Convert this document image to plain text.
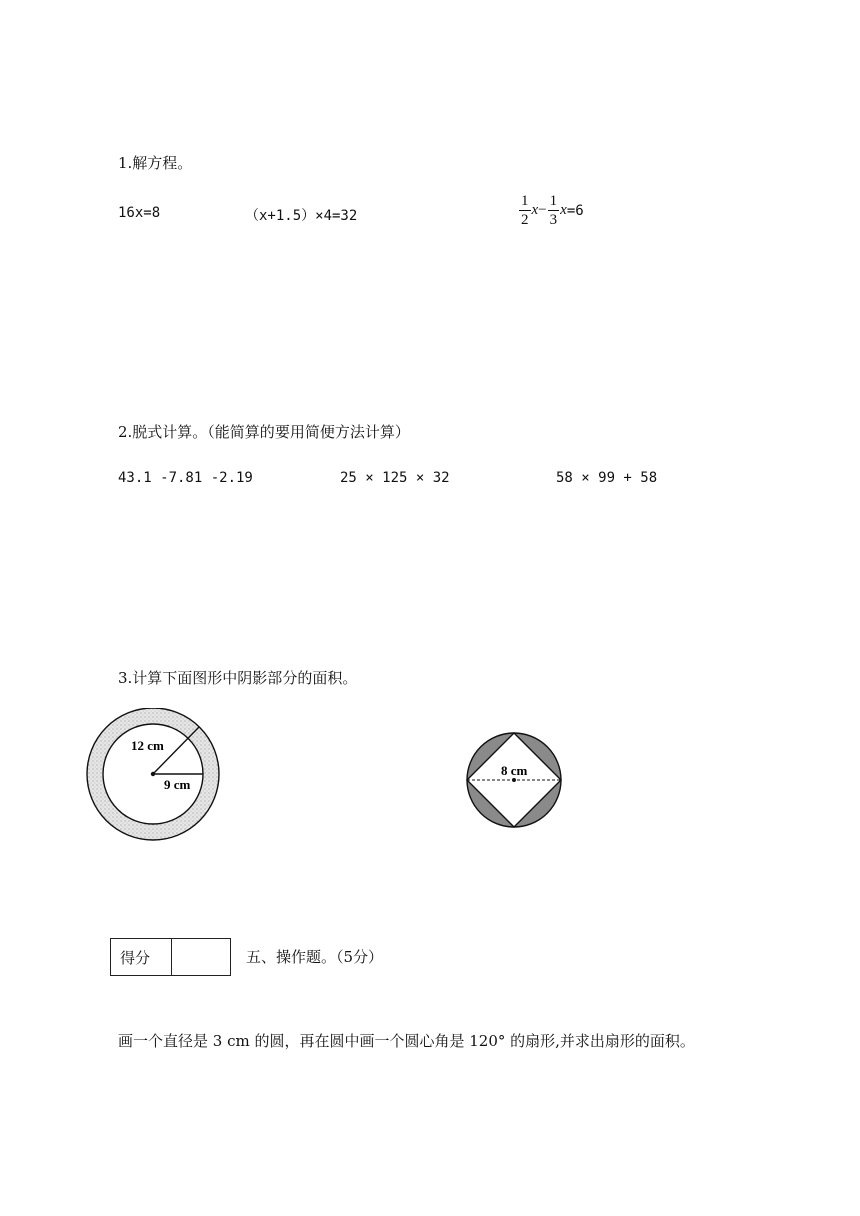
1.解方程。
16x=8	（x+1.5）×4=32	$\frac{1}{2}$ $x - \frac{1}{3}$ x =6
2.脱式计算。（能简算的要用简便方法计算）
43.1 -7.81 -2.19	25 × 125 × 32	58 × 99 + 58
3.计算下面图形中阴影部分的面积。
12 cm
9 cm
8 cm
得分	五、操作题。（5分）
画一个直径是 3 cm 的圆，再在圆中画一个圆心角是 120° 的扇形,并求出扇形的面积。
